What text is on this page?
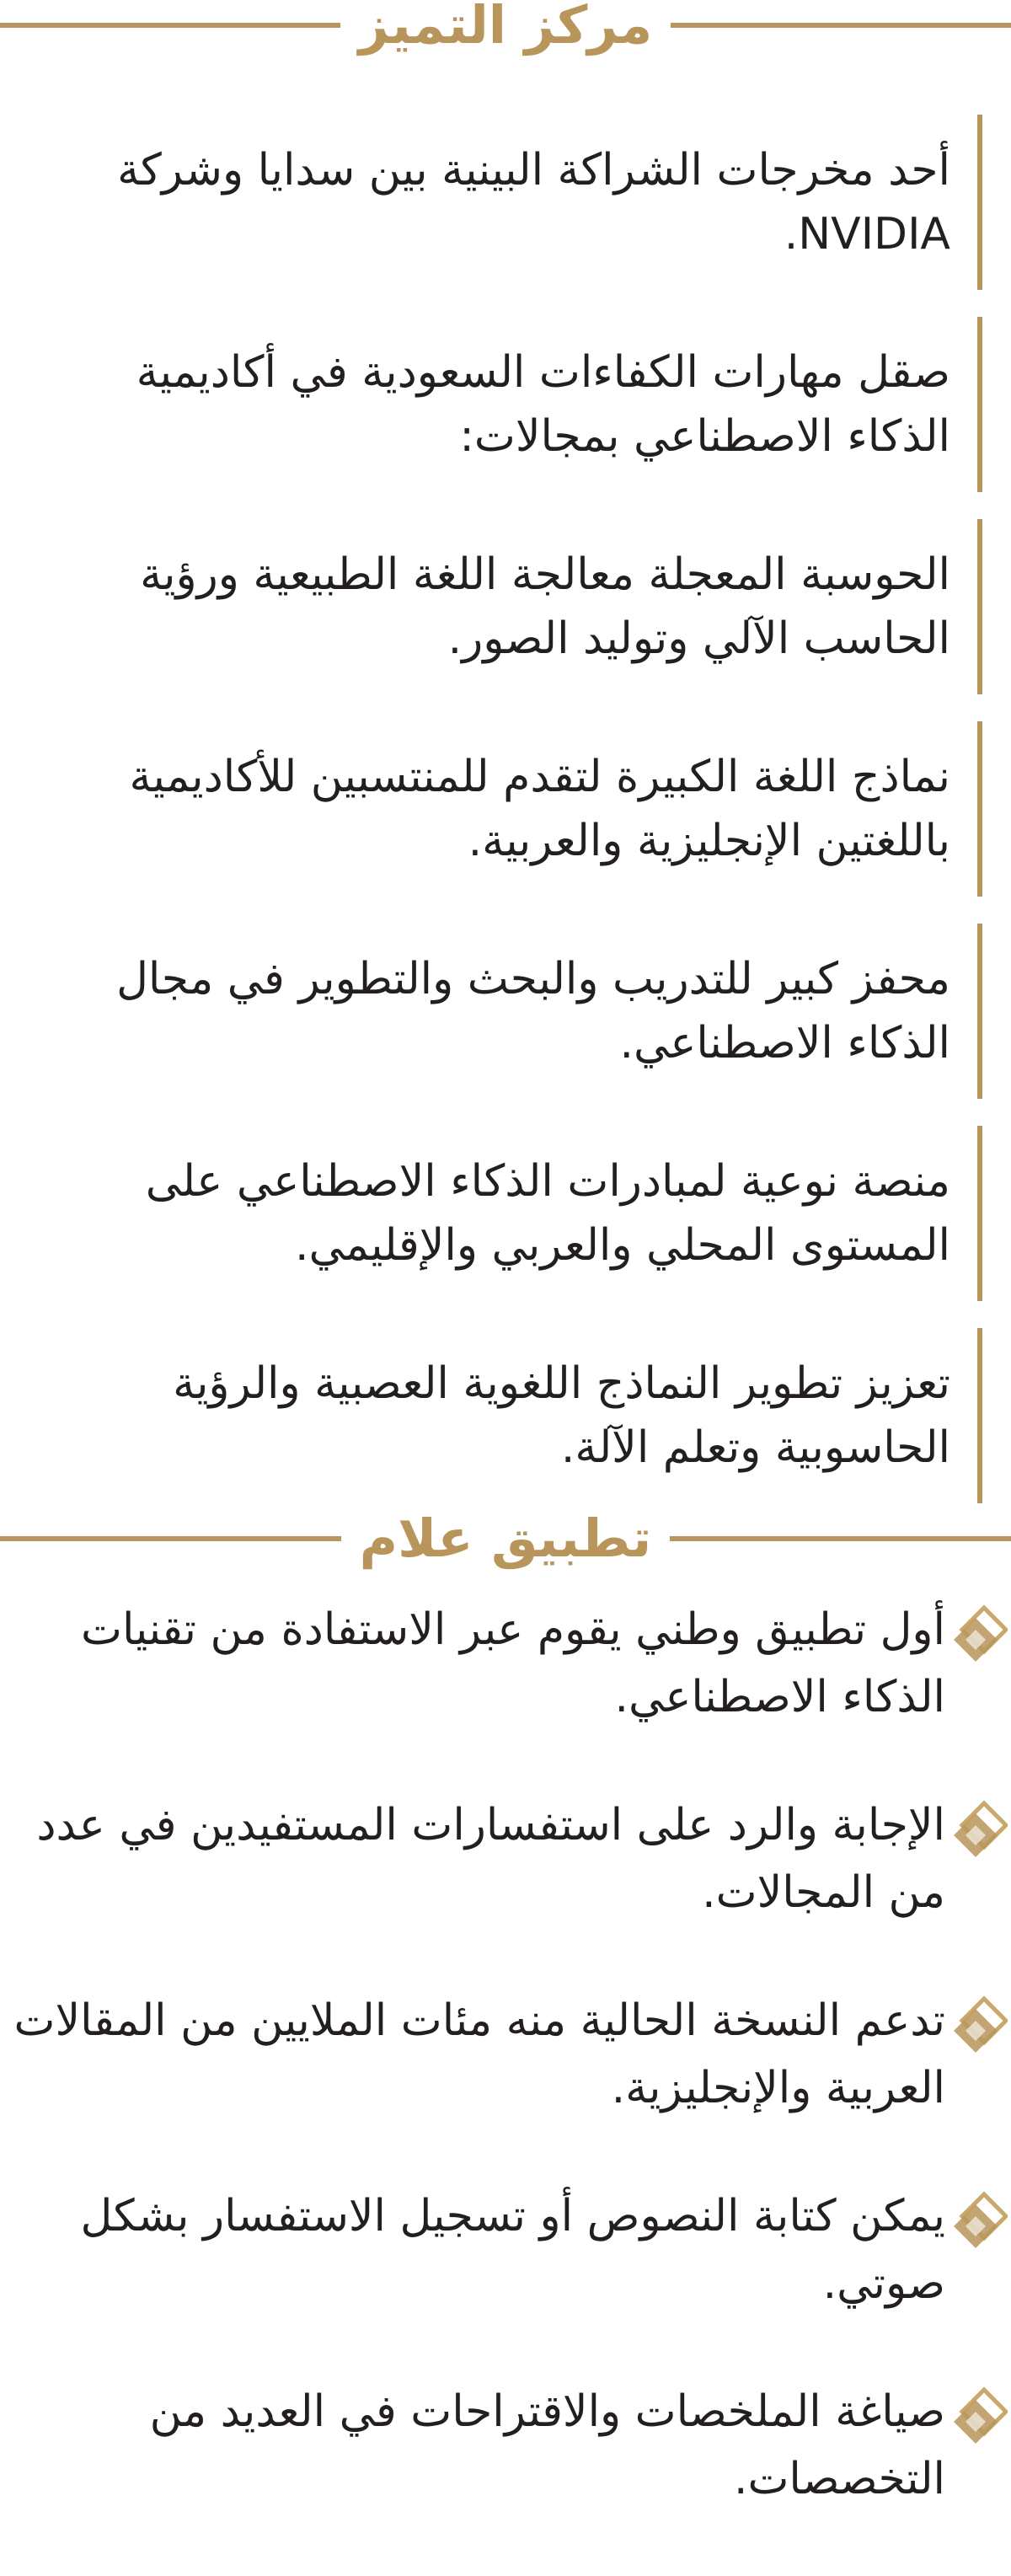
مركز التميز
أحد مخرجات الشراكة البينية بين سدايا وشركة NVIDIA.
صقل مهارات الكفاءات السعودية في أكاديمية الذكاء الاصطناعي بمجالات:
الحوسبة المعجلة معالجة اللغة الطبيعية ورؤية الحاسب الآلي وتوليد الصور.
نماذج اللغة الكبيرة لتقدم للمنتسبين للأكاديمية باللغتين الإنجليزية والعربية.
محفز كبير للتدريب والبحث والتطوير في مجال الذكاء الاصطناعي.
منصة نوعية لمبادرات الذكاء الاصطناعي على المستوى المحلي والعربي والإقليمي.
تعزيز تطوير النماذج اللغوية العصبية والرؤية الحاسوبية وتعلم الآلة.
تطبيق علام
أول تطبيق وطني يقوم عبر الاستفادة من تقنيات الذكاء الاصطناعي.
الإجابة والرد على استفسارات المستفيدين في عدد من المجالات.
تدعم النسخة الحالية منه مئات الملايين من المقالات العربية والإنجليزية.
يمكن كتابة النصوص أو تسجيل الاستفسار بشكل صوتي.
صياغة الملخصات والاقتراحات في العديد من التخصصات.
